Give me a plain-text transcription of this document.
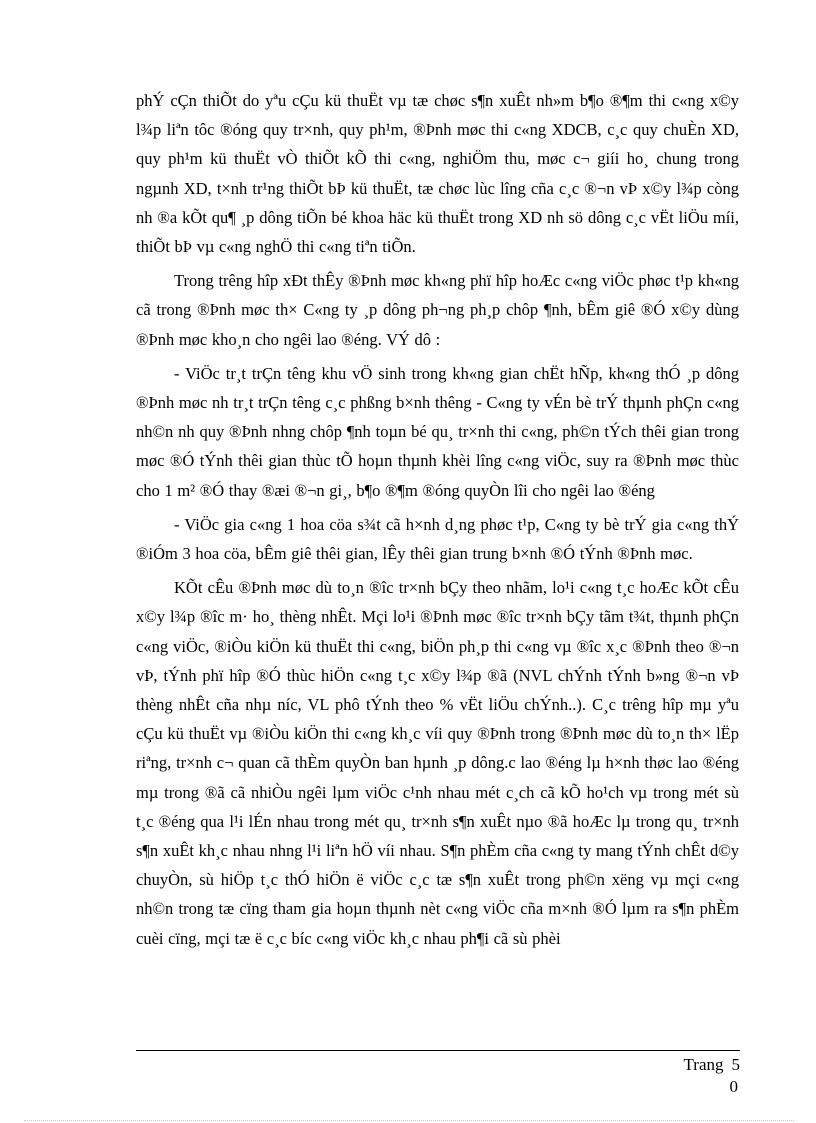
phÝ cÇn thiÕt do yªu cÇu kü thuËt vµ tæ chøc s¶n xuÊt nh»m b¶o ®¶m thi c«ng x©y l¾p liªn tôc ®óng quy tr×nh, quy ph¹m, ®Þnh møc thi c«ng XDCB, c¸c quy chuÈn XD, quy ph¹m kü thuËt vÒ thiÕt kÕ thi c«ng, nghiÖm thu, møc c¬ giíi ho¸ chung trong ngµnh XD, t×nh tr¹ng thiÕt bÞ kü thuËt, tæ chøc lùc lîng cña c¸c ®¬n vÞ x©y l¾p còng nh ®a kÕt qu¶ ¸p dông tiÕn bé khoa häc kü thuËt trong XD nh sö dông c¸c vËt liÖu míi, thiÕt bÞ vµ c«ng nghÖ thi c«ng tiªn tiÕn.

Trong trêng hîp xÐt thÊy ®Þnh møc kh«ng phï hîp hoÆc c«ng viÖc phøc t¹p kh«ng cã trong ®Þnh møc th× C«ng ty ¸p dông ph¬ng ph¸p chôp ¶nh, bÊm giê ®Ó x©y dùng ®Þnh møc kho¸n cho ngêi lao ®éng. VÝ dô :

- ViÖc tr¸t trÇn têng khu vÖ sinh trong kh«ng gian chËt hÑp, kh«ng thÓ ¸p dông ®Þnh møc nh tr¸t trÇn têng c¸c phßng b×nh thêng - C«ng ty vÉn bè trÝ thµnh phÇn c«ng nh©n nh quy ®Þnh nhng chôp ¶nh toµn bé qu¸ tr×nh thi c«ng, ph©n tÝch thêi gian trong møc ®Ó tÝnh thêi gian thùc tÕ hoµn thµnh khèi lîng c«ng viÖc, suy ra ®Þnh møc thùc cho 1 m² ®Ó thay ®æi ®¬n gi¸, b¶o ®¶m ®óng quyÒn lîi cho ngêi lao ®éng

- ViÖc gia c«ng 1 hoa cöa s¾t cã h×nh d¸ng phøc t¹p, C«ng ty bè trÝ gia c«ng thÝ ®iÓm 3 hoa cöa, bÊm giê thêi gian, lÊy thêi gian trung b×nh ®Ó tÝnh ®Þnh møc.

KÕt cÊu ®Þnh møc dù to¸n ®îc tr×nh bÇy theo nhãm, lo¹i c«ng t¸c hoÆc kÕt cÊu x©y l¾p ®îc m· ho¸ thèng nhÊt. Mçi lo¹i ®Þnh møc ®îc tr×nh bÇy tãm t¾t, thµnh phÇn c«ng viÖc, ®iÒu kiÖn kü thuËt thi c«ng, biÖn ph¸p thi c«ng vµ ®îc x¸c ®Þnh theo ®¬n vÞ, tÝnh phï hîp ®Ó thùc hiÖn c«ng t¸c x©y l¾p ®ã (NVL chÝnh tÝnh b»ng ®¬n vÞ thèng nhÊt cña nhµ níc, VL phô tÝnh theo % vËt liÖu chÝnh..). C¸c trêng hîp mµ yªu cÇu kü thuËt vµ ®iÒu kiÖn thi c«ng kh¸c víi quy ®Þnh trong ®Þnh møc dù to¸n th× lËp riªng, tr×nh c¬ quan cã thÈm quyÒn ban hµnh ¸p dông.c lao ®éng lµ h×nh thøc lao ®éng mµ trong ®ã cã nhiÒu ngêi lµm viÖc c¹nh nhau mét c¸ch cã kÕ ho¹ch vµ trong mét sù t¸c ®éng qua l¹i lÉn nhau trong mét qu¸ tr×nh s¶n xuÊt nµo ®ã hoÆc lµ trong qu¸ tr×nh s¶n xuÊt kh¸c nhau nhng l¹i liªn hÖ víi nhau. S¶n phÈm cña c«ng ty mang tÝnh chÊt d©y chuyÒn, sù hiÖp t¸c thÓ hiÖn ë viÖc c¸c tæ s¶n xuÊt trong ph©n xëng vµ mçi c«ng nh©n trong tæ cïng tham gia hoµn thµnh nèt c«ng viÖc cña m×nh ®Ó lµm ra s¶n phÈm cuèi cïng, mçi tæ ë c¸c bíc c«ng viÖc kh¸c nhau ph¶i cã sù phèi

Trang 5
0
